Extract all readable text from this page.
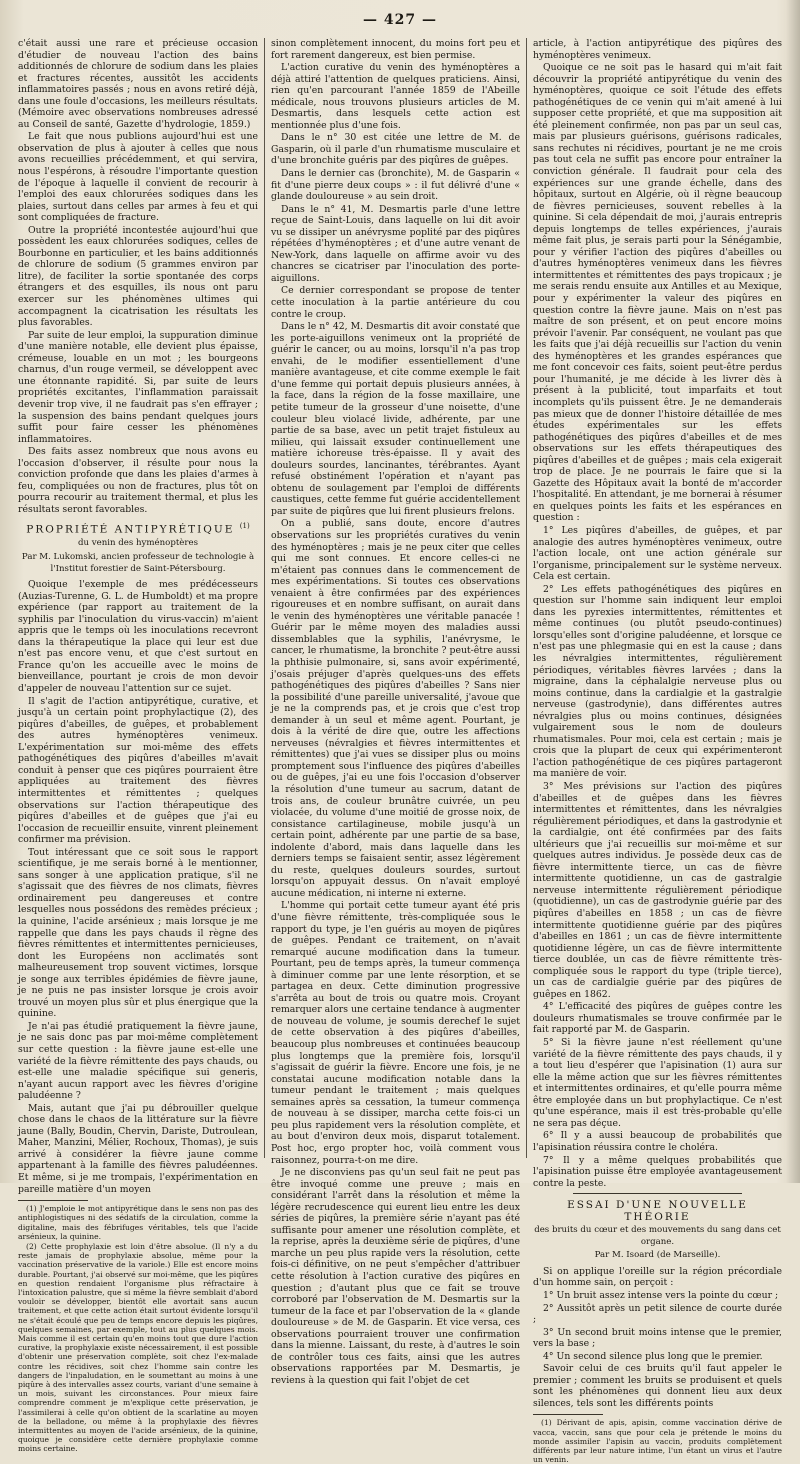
— 427 —

c'était aussi une rare et précieuse occasion d'étudier de nouveau l'action des bains additionnés de chlorure de sodium dans les plaies et fractures récentes, aussitôt les accidents inflammatoires passés ; nous en avons retiré déjà, dans une foule d'occasions, les meilleurs résultats. (Mémoire avec observations nombreuses adressé au Conseil de santé, Gazette d'hydrologie, 1859.)

Le fait que nous publions aujourd'hui est une observation de plus à ajouter à celles que nous avons recueillies précédemment, et qui servira, nous l'espérons, à résoudre l'importante question de l'époque à laquelle il convient de recourir à l'emploi des eaux chlorurées sodiques dans les plaies, surtout dans celles par armes à feu et qui sont compliquées de fracture.

Outre la propriété incontestée aujourd'hui que possèdent les eaux chlorurées sodiques, celles de Bourbonne en particulier, et les bains additionnés de chlorure de sodium (5 grammes environ par litre), de faciliter la sortie spontanée des corps étrangers et des esquilles, ils nous ont paru exercer sur les phénomènes ultimes qui accompagnent la cicatrisation les résultats les plus favorables.

Par suite de leur emploi, la suppuration diminue d'une manière notable, elle devient plus épaisse, crémeuse, louable en un mot ; les bourgeons charnus, d'un rouge vermeil, se développent avec une étonnante rapidité. Si, par suite de leurs propriétés excitantes, l'inflammation paraissait devenir trop vive, il ne faudrait pas s'en effrayer ; la suspension des bains pendant quelques jours suffit pour faire cesser les phénomènes inflammatoires.

Des faits assez nombreux que nous avons eu l'occasion d'observer, il résulte pour nous la conviction profonde que dans les plaies d'armes à feu, compliquées ou non de fractures, plus tôt on pourra recourir au traitement thermal, et plus les résultats seront favorables.

PROPRIÉTÉ ANTIPYRÉTIQUE $^{(1)}$
du venin des hyménoptères
Par M. Lukomski, ancien professeur de technologie à l'Institut forestier de Saint-Pétersbourg.

Quoique l'exemple de mes prédécesseurs (Auzias-Turenne, G. L. de Humboldt) et ma propre expérience (par rapport au traitement de la syphilis par l'inoculation du virus-vaccin) m'aient appris que le temps où les inoculations recevront dans la thérapeutique la place qui leur est due n'est pas encore venu, et que c'est surtout en France qu'on les accueille avec le moins de bienveillance, pourtant je crois de mon devoir d'appeler de nouveau l'attention sur ce sujet.

Il s'agit de l'action antipyrétique, curative, et jusqu'à un certain point prophylactique (2), des piqûres d'abeilles, de guêpes, et probablement des autres hyménoptères venimeux. L'expérimentation sur moi-même des effets pathogénétiques des piqûres d'abeilles m'avait conduit à penser que ces piqûres pourraient être appliquées au traitement des fièvres intermittentes et rémittentes ; quelques observations sur l'action thérapeutique des piqûres d'abeilles et de guêpes que j'ai eu l'occasion de recueillir ensuite, vinrent pleinement confirmer ma prévision.

Tout intéressant que ce soit sous le rapport scientifique, je me serais borné à le mentionner, sans songer à une application pratique, s'il ne s'agissait que des fièvres de nos climats, fièvres ordinairement peu dangereuses et contre lesquelles nous possédons des remèdes précieux ; la quinine, l'acide arsénieux ; mais lorsque je me rappelle que dans les pays chauds il règne des fièvres rémittentes et intermittentes pernicieuses, dont les Européens non acclimatés sont malheureusement trop souvent victimes, lorsque je songe aux terribles épidémies de fièvre jaune, je ne puis ne pas insister lorsque je crois avoir trouvé un moyen plus sûr et plus énergique que la quinine.

Je n'ai pas étudié pratiquement la fièvre jaune, je ne sais donc pas par moi-même complètement sur cette question : la fièvre jaune est-elle une variété de la fièvre rémittente des pays chauds, ou est-elle une maladie spécifique sui generis, n'ayant aucun rapport avec les fièvres d'origine paludéenne ?

Mais, autant que j'ai pu débrouiller quelque chose dans le chaos de la littérature sur la fièvre jaune (Bally, Boudin, Chervin, Dariste, Dutroulean, Maher, Manzini, Mélier, Rochoux, Thomas), je suis arrivé à considérer la fièvre jaune comme appartenant à la famille des fièvres paludéennes. Et même, si je me trompais, l'expérimentation en pareille matière d'un moyen

(1) J'emploie le mot antipyrétique dans le sens non pas des antiphlogistiques ni des sédatifs de la circulation, comme la digitaline, mais des fébrifuges véritables, tels que l'acide arsénieux, la quinine.

(2) Cette prophylaxie est loin d'être absolue. (Il n'y a du reste jamais de prophylaxie absolue, même pour la vaccination préservative de la variole.) Elle est encore moins durable. Pourtant, j'ai observé sur moi-même, que les piqûres en question rendaient l'organisme plus réfractaire à l'intoxication palustre, que si même la fièvre semblait d'abord vouloir se développer, bientôt elle avortait sans aucun traitement, et que cette action était surtout évidente lorsqu'il ne s'était écoulé que peu de temps encore depuis les piqûres, quelques semaines, par exemple, tout au plus quelques mois. Mais comme il est certain qu'en moins tout que dure l'action curative, la prophylaxie existe nécessairement, il est possible d'obtenir une préservation complète, soit chez l'ex-malade contre les récidives, soit chez l'homme sain contre les dangers de l'inpaludation, en le soumettant au moins à une piqûre à des intervalles assez courts, variant d'une semaine à un mois, suivant les circonstances. Pour mieux faire comprendre comment je m'explique cette préservation, je l'assimilerai à celle qu'on obtient de la scarlatine au moyen de la belladone, ou même à la prophylaxie des fièvres intermittentes au moyen de l'acide arsénieux, de la quinine, quoique je considère cette dernière prophylaxie comme moins certaine.

sinon complètement innocent, du moins fort peu et fort rarement dangereux, est bien permise.

L'action curative du venin des hyménoptères a déjà attiré l'attention de quelques praticiens. Ainsi, rien qu'en parcourant l'année 1859 de l'Abeille médicale, nous trouvons plusieurs articles de M. Desmartis, dans lesquels cette action est mentionnée plus d'une fois.

Dans le n° 30 est citée une lettre de M. de Gasparin, où il parle d'un rhumatisme musculaire et d'une bronchite guéris par des piqûres de guêpes.

Dans le dernier cas (bronchite), M. de Gasparin « fit d'une pierre deux coups » : il fut délivré d'une « glande douloureuse » au sein droit.

Dans le n° 41, M. Desmartis parle d'une lettre reçue de Saint-Louis, dans laquelle on lui dit avoir vu se dissiper un anévrysme poplité par des piqûres répétées d'hyménoptères ; et d'une autre venant de New-York, dans laquelle on affirme avoir vu des chancres se cicatriser par l'inoculation des porte-aiguillons.

Ce dernier correspondant se propose de tenter cette inoculation à la partie antérieure du cou contre le croup.

Dans le n° 42, M. Desmartis dit avoir constaté que les porte-aiguillons venimeux ont la propriété de guérir le cancer, ou au moins, lorsqu'il n'a pas trop envahi, de le modifier essentiellement d'une manière avantageuse, et cite comme exemple le fait d'une femme qui portait depuis plusieurs années, à la face, dans la région de la fosse maxillaire, une petite tumeur de la grosseur d'une noisette, d'une couleur bleu violacé livide, adhérente, par une partie de sa base, avec un petit trajet fistuleux au milieu, qui laissait exsuder continuellement une matière ichoreuse très-épaisse. Il y avait des douleurs sourdes, lancinantes, térébrantes. Ayant refusé obstinément l'opération et n'ayant pas obtenu de soulagement par l'emploi de différents caustiques, cette femme fut guérie accidentellement par suite de piqûres que lui firent plusieurs frelons.

On a publié, sans doute, encore d'autres observations sur les propriétés curatives du venin des hyménoptères ; mais je ne peux citer que celles qui me sont connues. Et encore celles-ci ne m'étaient pas connues dans le commencement de mes expérimentations. Si toutes ces observations venaient à être confirmées par des expériences rigoureuses et en nombre suffisant, on aurait dans le venin des hyménoptères une véritable panacée ! Guérir par le même moyen des maladies aussi dissemblables que la syphilis, l'anévrysme, le cancer, le rhumatisme, la bronchite ? peut-être aussi la phthisie pulmonaire, si, sans avoir expérimenté, j'osais préjuger d'après quelques-uns des effets pathogénétiques des piqûres d'abeilles ? Sans nier la possibilité d'une pareille universalité, j'avoue que je ne la comprends pas, et je crois que c'est trop demander à un seul et même agent. Pourtant, je dois à la vérité de dire que, outre les affections nerveuses (névralgies et fièvres intermittentes et rémittentes) que j'ai vues se dissiper plus ou moins promptement sous l'influence des piqûres d'abeilles ou de guêpes, j'ai eu une fois l'occasion d'observer la résolution d'une tumeur au sacrum, datant de trois ans, de couleur brunâtre cuivrée, un peu violacée, du volume d'une moitié de grosse noix, de consistance cartilagineuse, mobile jusqu'à un certain point, adhérente par une partie de sa base, indolente d'abord, mais dans laquelle dans les derniers temps se faisaient sentir, assez légèrement du reste, quelques douleurs sourdes, surtout lorsqu'on appuyait dessus. On n'avait employé aucune médication, ni interne ni externe.

L'homme qui portait cette tumeur ayant été pris d'une fièvre rémittente, très-compliquée sous le rapport du type, je l'en guéris au moyen de piqûres de guêpes. Pendant ce traitement, on n'avait remarqué aucune modification dans la tumeur. Pourtant, peu de temps après, la tumeur commença à diminuer comme par une lente résorption, et se partagea en deux. Cette diminution progressive s'arrêta au bout de trois ou quatre mois. Croyant remarquer alors une certaine tendance à augmenter de nouveau de volume, je soumis derechef le sujet de cette observation à des piqûres d'abeilles, beaucoup plus nombreuses et continuées beaucoup plus longtemps que la première fois, lorsqu'il s'agissait de guérir la fièvre. Encore une fois, je ne constatai aucune modification notable dans la tumeur pendant le traitement ; mais quelques semaines après sa cessation, la tumeur commença de nouveau à se dissiper, marcha cette fois-ci un peu plus rapidement vers la résolution complète, et au bout d'environ deux mois, disparut totalement. Post hoc, ergo propter hoc, voilà comment vous raisonnez, pourra-t-on me dire.

Je ne disconviens pas qu'un seul fait ne peut pas être invoqué comme une preuve ; mais en considérant l'arrêt dans la résolution et même la légère recrudescence qui eurent lieu entre les deux séries de piqûres, la première série n'ayant pas été suffisante pour amener une résolution complète, et la reprise, après la deuxième série de piqûres, d'une marche un peu plus rapide vers la résolution, cette fois-ci définitive, on ne peut s'empêcher d'attribuer cette résolution à l'action curative des piqûres en question ; d'autant plus que ce fait se trouve corroboré par l'observation de M. Desmartis sur la tumeur de la face et par l'observation de la « glande douloureuse » de M. de Gasparin. Et vice versa, ces observations pourraient trouver une confirmation dans la mienne. Laissant, du reste, à d'autres le soin de contrôler tous ces faits, ainsi que les autres observations rapportées par M. Desmartis, je reviens à la question qui fait l'objet de cet

article, à l'action antipyrétique des piqûres des hyménoptères venimeux.

Quoique ce ne soit pas le hasard qui m'ait fait découvrir la propriété antipyrétique du venin des hyménoptères, quoique ce soit l'étude des effets pathogénétiques de ce venin qui m'ait amené à lui supposer cette propriété, et que ma supposition ait été pleinement confirmée, non pas par un seul cas, mais par plusieurs guérisons, guérisons radicales, sans rechutes ni récidives, pourtant je ne me crois pas tout cela ne suffit pas encore pour entraîner la conviction générale. Il faudrait pour cela des expériences sur une grande échelle, dans des hôpitaux, surtout en Algérie, où il règne beaucoup de fièvres pernicieuses, souvent rebelles à la quinine. Si cela dépendait de moi, j'aurais entrepris depuis longtemps de telles expériences, j'aurais même fait plus, je serais parti pour la Sénégambie, pour y vérifier l'action des piqûres d'abeilles ou d'autres hyménoptères venimeux dans les fièvres intermittentes et rémittentes des pays tropicaux ; je me serais rendu ensuite aux Antilles et au Mexique, pour y expérimenter la valeur des piqûres en question contre la fièvre jaune. Mais on n'est pas maître de son présent, et on peut encore moins prévoir l'avenir. Par conséquent, ne voulant pas que les faits que j'ai déjà recueillis sur l'action du venin des hyménoptères et les grandes espérances que me font concevoir ces faits, soient peut-être perdus pour l'humanité, je me décide à les livrer dès à présent à la publicité, tout imparfaits et tout incomplets qu'ils puissent être. Je ne demanderais pas mieux que de donner l'histoire détaillée de mes études expérimentales sur les effets pathogénétiques des piqûres d'abeilles et de mes observations sur les effets thérapeutiques des piqûres d'abeilles et de guêpes ; mais cela exigerait trop de place. Je ne pourrais le faire que si la Gazette des Hôpitaux avait la bonté de m'accorder l'hospitalité. En attendant, je me bornerai à résumer en quelques points les faits et les espérances en question :

1° Les piqûres d'abeilles, de guêpes, et par analogie des autres hyménoptères venimeux, outre l'action locale, ont une action générale sur l'organisme, principalement sur le système nerveux. Cela est certain.

2° Les effets pathogénétiques des piqûres en question sur l'homme sain indiquent leur emploi dans les pyrexies intermittentes, rémittentes et même continues (ou plutôt pseudo-continues) lorsqu'elles sont d'origine paludéenne, et lorsque ce n'est pas une phlegmasie qui en est la cause ; dans les névralgies intermittentes, régulièrement périodiques, véritables fièvres larvées ; dans la migraine, dans la céphalalgie nerveuse plus ou moins continue, dans la cardialgie et la gastralgie nerveuse (gastrodynie), dans différentes autres névralgies plus ou moins continues, désignées vulgairement sous le nom de douleurs rhumatismales. Pour moi, cela est certain ; mais je crois que la plupart de ceux qui expérimenteront l'action pathogénétique de ces piqûres partageront ma manière de voir.

3° Mes prévisions sur l'action des piqûres d'abeilles et de guêpes dans les fièvres intermittentes et rémittentes, dans les névralgies régulièrement périodiques, et dans la gastrodynie et la cardialgie, ont été confirmées par des faits ultérieurs que j'ai recueillis sur moi-même et sur quelques autres individus. Je possède deux cas de fièvre intermittente tierce, un cas de fièvre intermittente quotidienne, un cas de gastralgie nerveuse intermittente régulièrement périodique (quotidienne), un cas de gastrodynie guérie par des piqûres d'abeilles en 1858 ; un cas de fièvre intermittente quotidienne guérie par des piqûres d'abeilles en 1861 ; un cas de fièvre intermittente quotidienne légère, un cas de fièvre intermittente tierce doublée, un cas de fièvre rémittente très-compliquée sous le rapport du type (triple tierce), un cas de cardialgie guérie par des piqûres de guêpes en 1862.

4° L'efficacité des piqûres de guêpes contre les douleurs rhumatismales se trouve confirmée par le fait rapporté par M. de Gasparin.

5° Si la fièvre jaune n'est réellement qu'une variété de la fièvre rémittente des pays chauds, il y a tout lieu d'espérer que l'apisination (1) aura sur elle la même action que sur les fièvres rémittentes et intermittentes ordinaires, et qu'elle pourra même être employée dans un but prophylactique. Ce n'est qu'une espérance, mais il est très-probable qu'elle ne sera pas déçue.

6° Il y a aussi beaucoup de probabilités que l'apisination réussira contre le choléra.

7° Il y a même quelques probabilités que l'apisination puisse être employée avantageusement contre la peste.

ESSAI D'UNE NOUVELLE THÉORIE
des bruits du cœur et des mouvements du sang dans cet organe.
Par M. Isoard (de Marseille).

Si on applique l'oreille sur la région précordiale d'un homme sain, on perçoit :

1° Un bruit assez intense vers la pointe du cœur ;

2° Aussitôt après un petit silence de courte durée ;

3° Un second bruit moins intense que le premier, vers la base ;

4° Un second silence plus long que le premier.

Savoir celui de ces bruits qu'il faut appeler le premier ; comment les bruits se produisent et quels sont les phénomènes qui donnent lieu aux deux silences, tels sont les différents points

(1) Dérivant de apis, apisin, comme vaccination dérive de vacca, vaccin, sans que pour cela je prétende le moins du monde assimiler l'apisin au vaccin, produits complètement différents par leur nature intime, l'un étant un virus et l'autre un venin.
